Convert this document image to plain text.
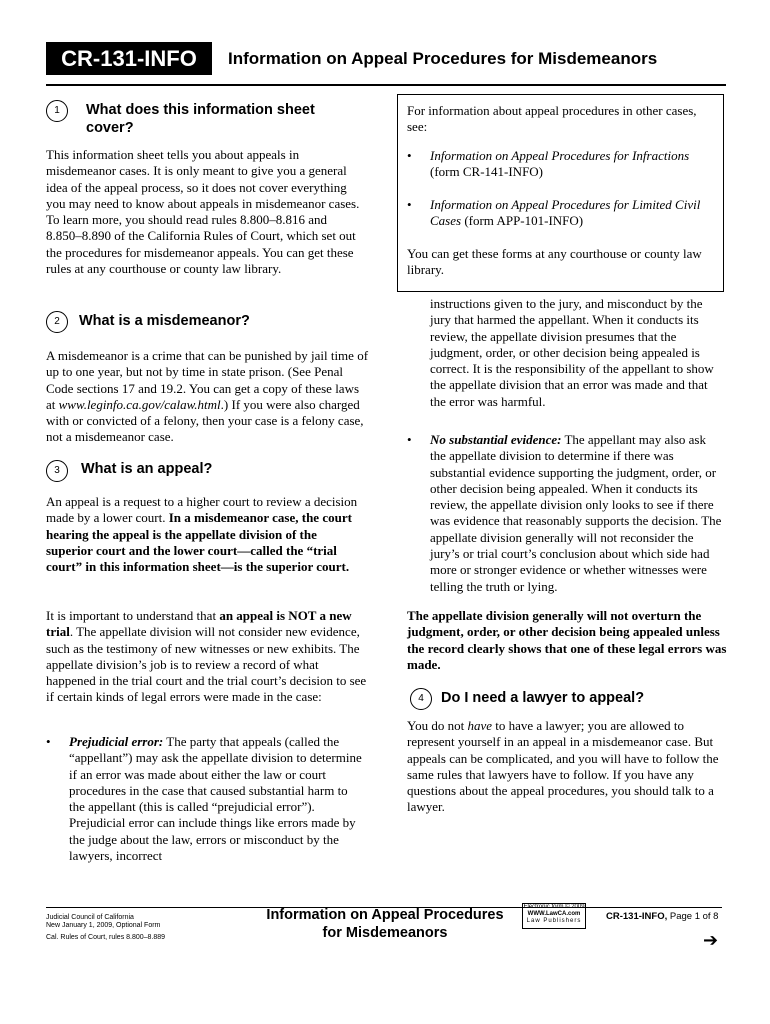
CR-131-INFO	Information on Appeal Procedures for Misdemeanors
1	What does this information sheet cover?
This information sheet tells you about appeals in misdemeanor cases. It is only meant to give you a general idea of the appeal process, so it does not cover everything you may need to know about appeals in misdemeanor cases. To learn more, you should read rules 8.800–8.816 and 8.850–8.890 of the California Rules of Court, which set out the procedures for misdemeanor appeals. You can get these rules at any courthouse or county law library.
2	What is a misdemeanor?
A misdemeanor is a crime that can be punished by jail time of up to one year, but not by time in state prison. (See Penal Code sections 17 and 19.2. You can get a copy of these laws at www.leginfo.ca.gov/calaw.html.) If you were also charged with or convicted of a felony, then your case is a felony case, not a misdemeanor case.
3	What is an appeal?
An appeal is a request to a higher court to review a decision made by a lower court. In a misdemeanor case, the court hearing the appeal is the appellate division of the superior court and the lower court—called the “trial court” in this information sheet—is the superior court.
It is important to understand that an appeal is NOT a new trial. The appellate division will not consider new evidence, such as the testimony of new witnesses or new exhibits. The appellate division’s job is to review a record of what happened in the trial court and the trial court’s decision to see if certain kinds of legal errors were made in the case:
• Prejudicial error: The party that appeals (called the “appellant”) may ask the appellate division to determine if an error was made about either the law or court procedures in the case that caused substantial harm to the appellant (this is called “prejudicial error”). Prejudicial error can include things like errors made by the judge about the law, errors or misconduct by the lawyers, incorrect
instructions given to the jury, and misconduct by the jury that harmed the appellant. When it conducts its review, the appellate division presumes that the judgment, order, or other decision being appealed is correct. It is the responsibility of the appellant to show the appellate division that an error was made and that the error was harmful.
• No substantial evidence: The appellant may also ask the appellate division to determine if there was substantial evidence supporting the judgment, order, or other decision being appealed. When it conducts its review, the appellate division only looks to see if there was evidence that reasonably supports the decision. The appellate division generally will not reconsider the jury’s or trial court’s conclusion about which side had more or stronger evidence or whether witnesses were telling the truth or lying.
The appellate division generally will not overturn the judgment, order, or other decision being appealed unless the record clearly shows that one of these legal errors was made.
4	Do I need a lawyer to appeal?
You do not have to have a lawyer; you are allowed to represent yourself in an appeal in a misdemeanor case. But appeals can be complicated, and you will have to follow the same rules that lawyers have to follow. If you have any questions about the appeal procedures, you should talk to a lawyer.
For information about appeal procedures in other cases, see:
• Information on Appeal Procedures for Infractions
(form CR-141-INFO)
• Information on Appeal Procedures for Limited Civil Cases (form APP-101-INFO)
You can get these forms at any courthouse or county law library.
Judicial Council of California
New January 1, 2009, Optional Form
Cal. Rules of Court, rules 8.800–8.889
Information on Appeal Procedures
for Misdemeanors
Electronic form © 2009
WWW.LawCA.com
Law Publishers	CR-131-INFO, Page 1 of 8
➔
